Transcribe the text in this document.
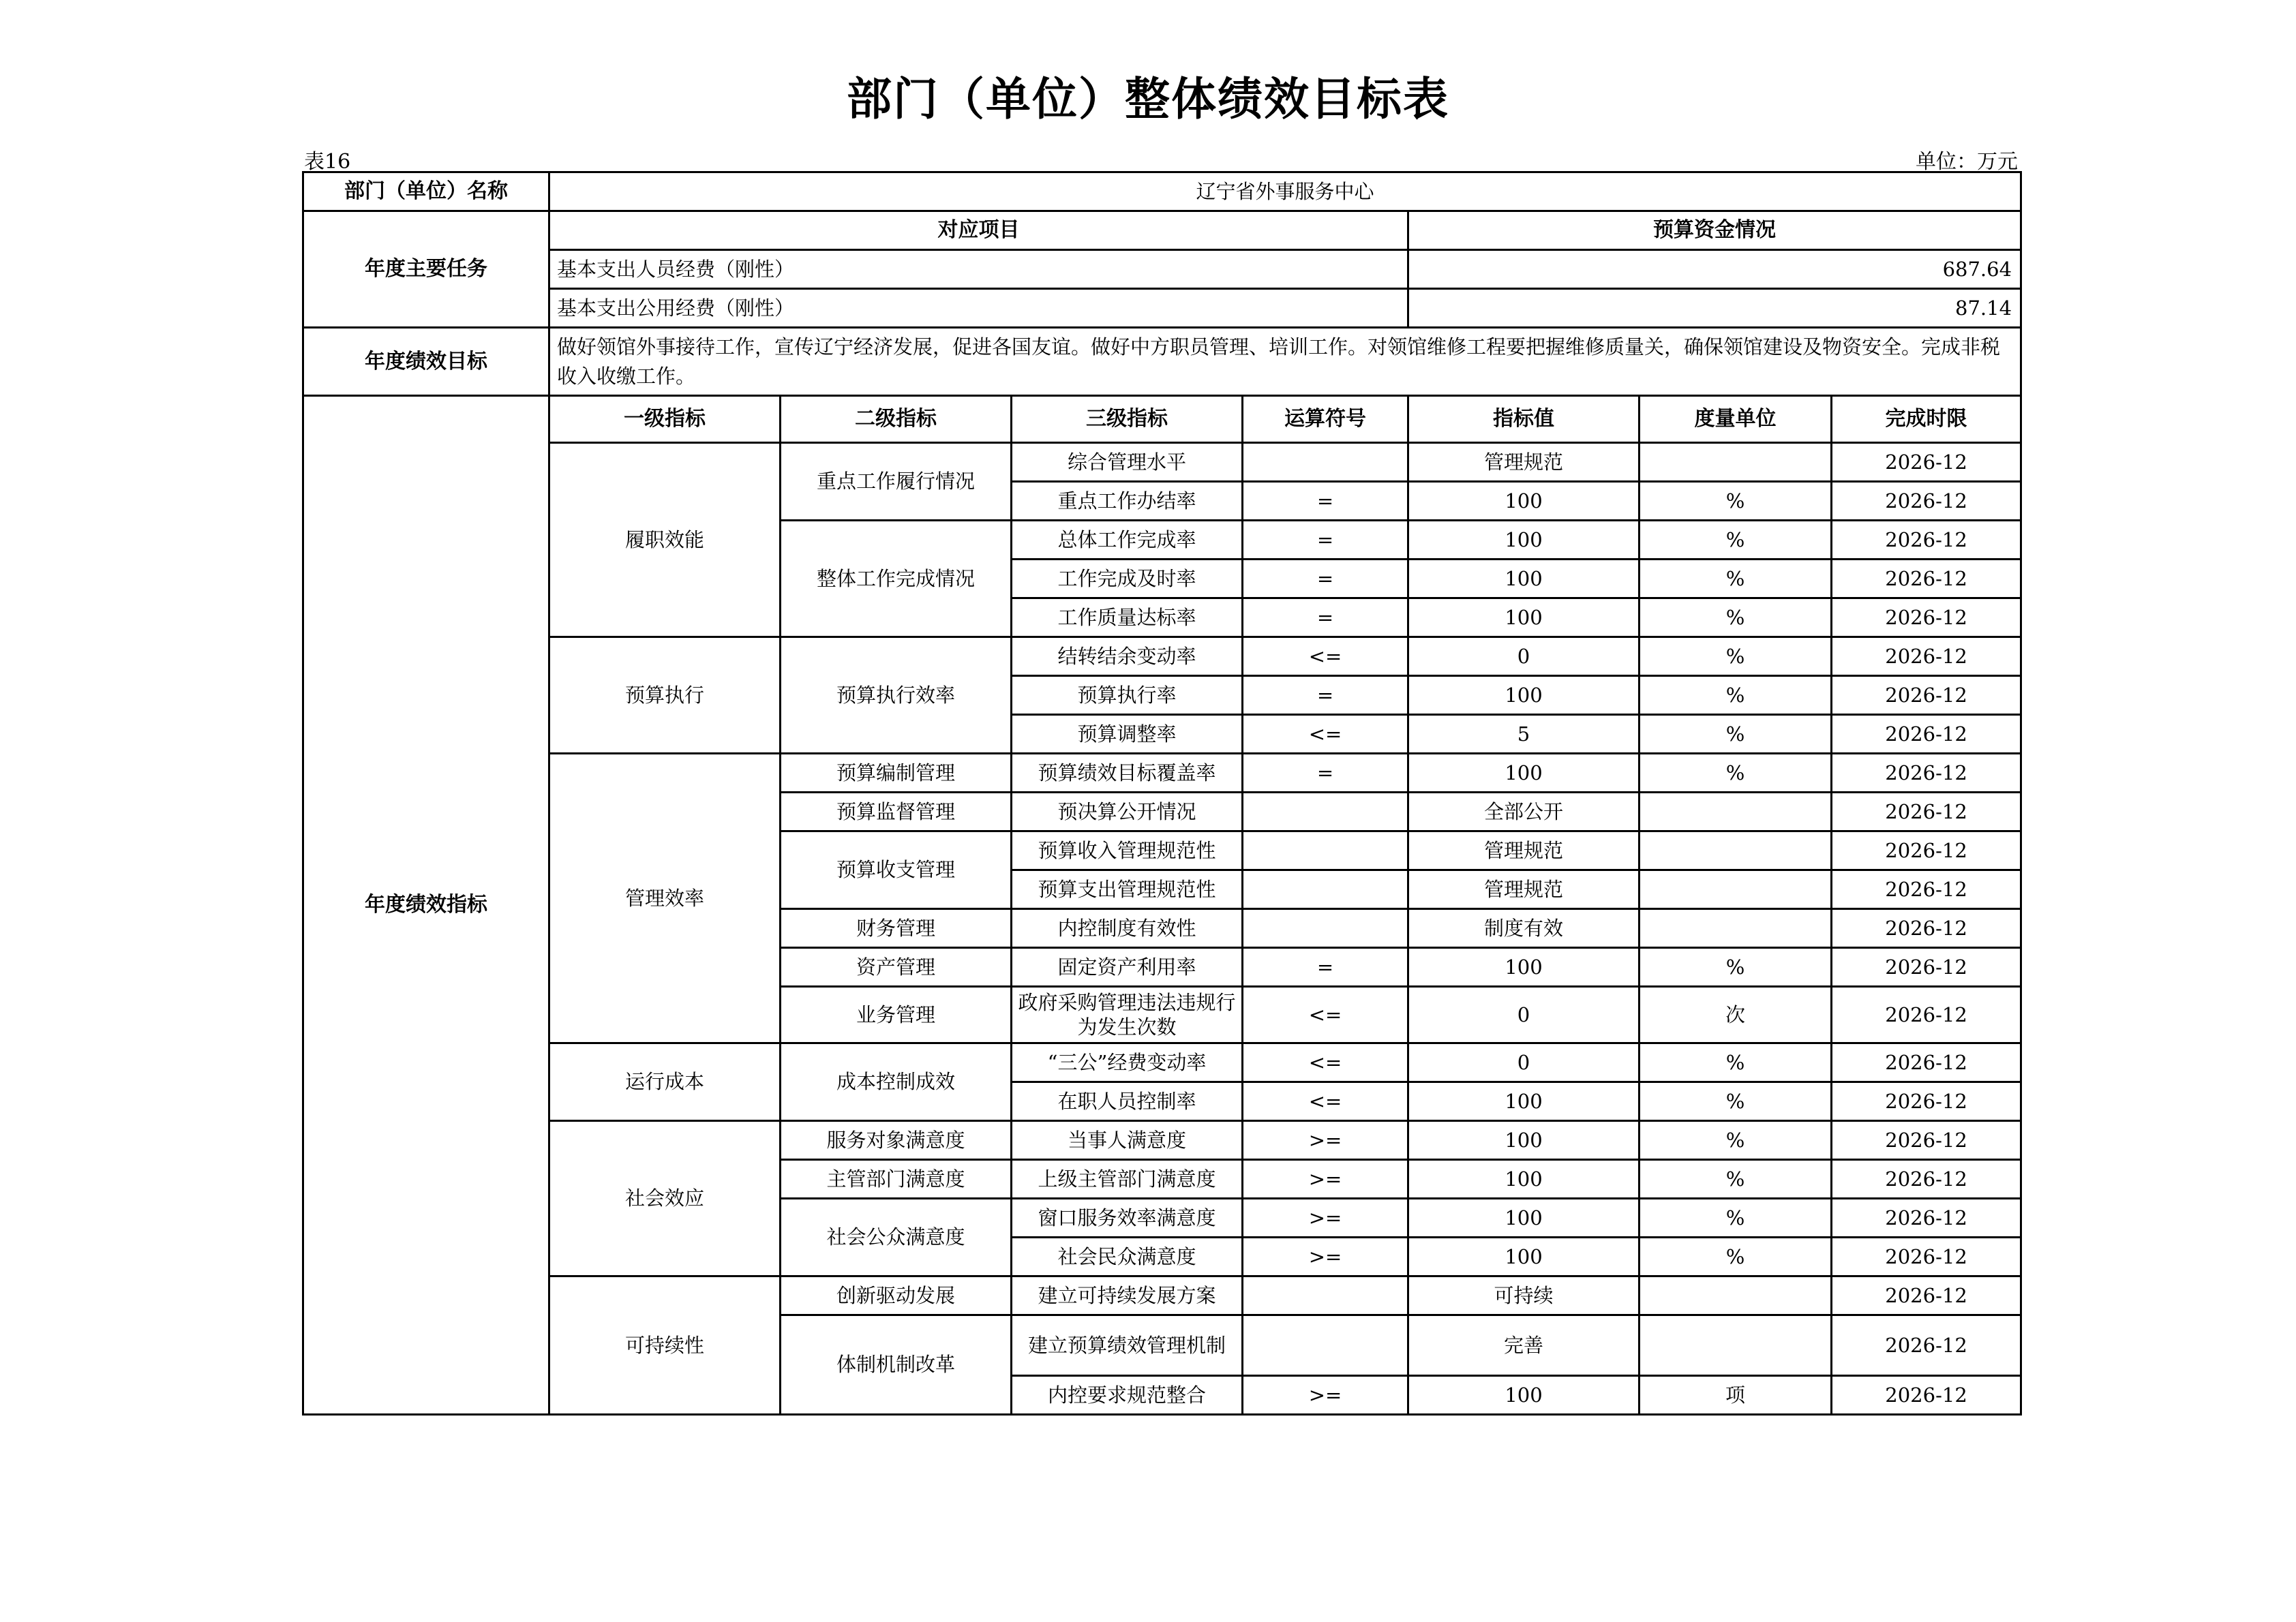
部门（单位）整体绩效目标表
表16	单位：万元
部门（单位）名称	辽宁省外事服务中心						
年度主要任务	对应项目				预算资金情况		
	基本支出人员经费（刚性）				687.64		
	基本支出公用经费（刚性）				87.14		
年度绩效目标	做好领馆外事接待工作，宣传辽宁经济发展，促进各国友谊。做好中方职员管理、培训工作。对领馆维修工程要把握维修质量关，确保领馆建设及物资安全。完成非税收入收缴工作。						
年度绩效指标	一级指标	二级指标	三级指标	运算符号	指标值	度量单位	完成时限
	履职效能	重点工作履行情况	综合管理水平		管理规范		2026-12
			重点工作办结率	=	100	%	2026-12
		整体工作完成情况	总体工作完成率	=	100	%	2026-12
			工作完成及时率	=	100	%	2026-12
			工作质量达标率	=	100	%	2026-12
	预算执行	预算执行效率	结转结余变动率	<=	0	%	2026-12
			预算执行率	=	100	%	2026-12
			预算调整率	<=	5	%	2026-12
	管理效率	预算编制管理	预算绩效目标覆盖率	=	100	%	2026-12
		预算监督管理	预决算公开情况		全部公开		2026-12
		预算收支管理	预算收入管理规范性		管理规范		2026-12
			预算支出管理规范性		管理规范		2026-12
		财务管理	内控制度有效性		制度有效		2026-12
		资产管理	固定资产利用率	=	100	%	2026-12
		业务管理	政府采购管理违法违规行为发生次数	<=	0	次	2026-12
	运行成本	成本控制成效	“三公”经费变动率	<=	0	%	2026-12
			在职人员控制率	<=	100	%	2026-12
	社会效应	服务对象满意度	当事人满意度	>=	100	%	2026-12
		主管部门满意度	上级主管部门满意度	>=	100	%	2026-12
		社会公众满意度	窗口服务效率满意度	>=	100	%	2026-12
			社会民众满意度	>=	100	%	2026-12
	可持续性	创新驱动发展	建立可持续发展方案		可持续		2026-12
		体制机制改革	建立预算绩效管理机制		完善		2026-12
			内控要求规范整合	>=	100	项	2026-12
